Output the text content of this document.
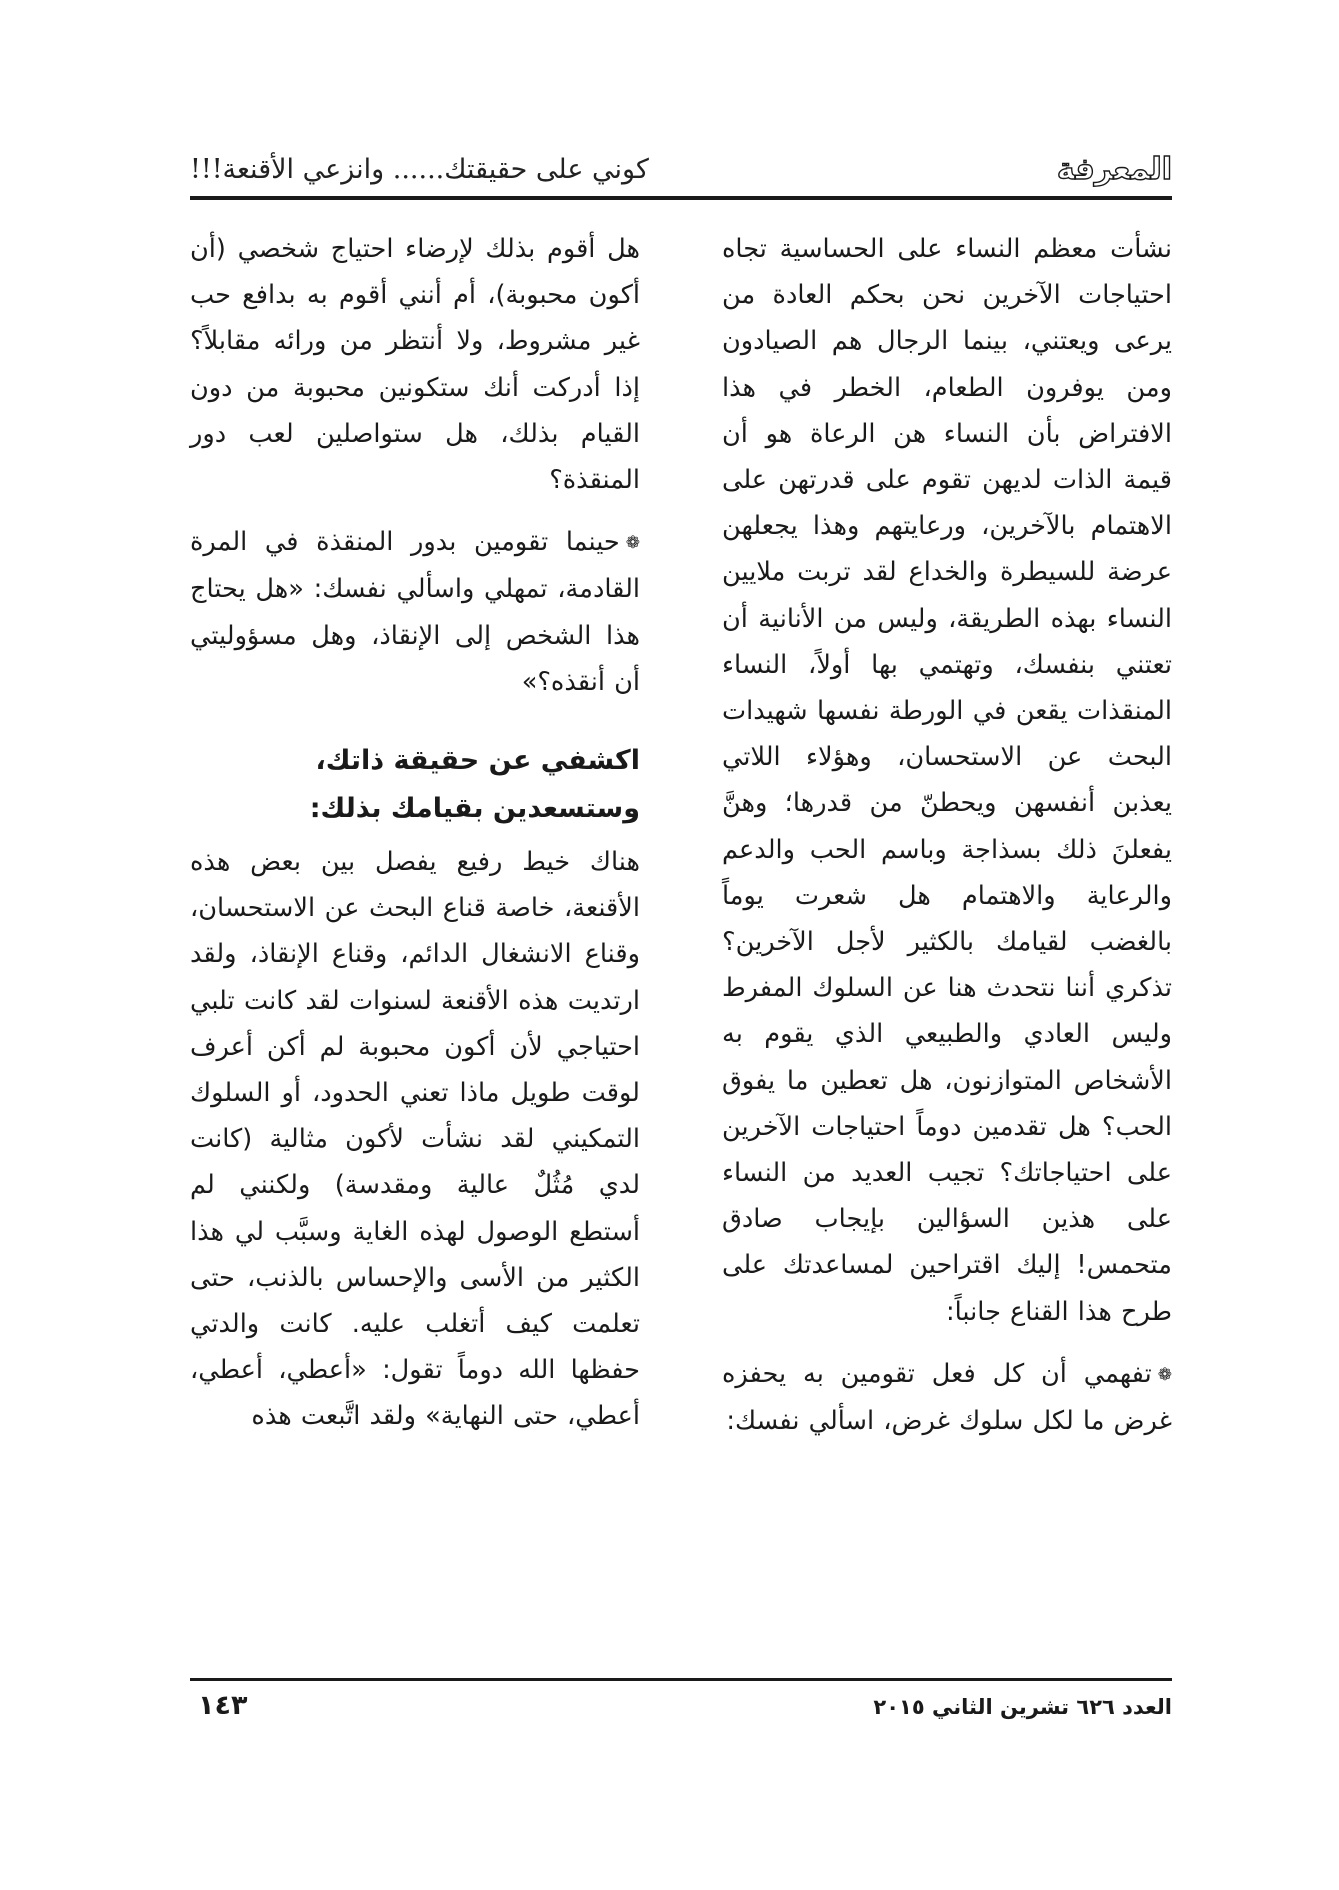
المعرفة
كوني على حقيقتك...... وانزعي الأقنعة!!!

نشأت معظم النساء على الحساسية تجاه احتياجات الآخرين نحن بحكم العادة من يرعى ويعتني، بينما الرجال هم الصيادون ومن يوفرون الطعام، الخطر في هذا الافتراض بأن النساء هن الرعاة هو أن قيمة الذات لديهن تقوم على قدرتهن على الاهتمام بالآخرين، ورعايتهم وهذا يجعلهن عرضة للسيطرة والخداع لقد تربت ملايين النساء بهذه الطريقة، وليس من الأنانية أن تعتني بنفسك، وتهتمي بها أولاً، النساء المنقذات يقعن في الورطة نفسها شهيدات البحث عن الاستحسان، وهؤلاء اللاتي يعذبن أنفسهن ويحطنّ من قدرها؛ وهنَّ يفعلنَ ذلك بسذاجة وباسم الحب والدعم والرعاية والاهتمام هل شعرت يوماً بالغضب لقيامك بالكثير لأجل الآخرين؟ تذكري أننا نتحدث هنا عن السلوك المفرط وليس العادي والطبيعي الذي يقوم به الأشخاص المتوازنون، هل تعطين ما يفوق الحب؟ هل تقدمين دوماً احتياجات الآخرين على احتياجاتك؟ تجيب العديد من النساء على هذين السؤالين بإيجاب صادق متحمس! إليك اقتراحين لمساعدتك على طرح هذا القناع جانباً:

❁تفهمي أن كل فعل تقومين به يحفزه غرض ما لكل سلوك غرض، اسألي نفسك:

هل أقوم بذلك لإرضاء احتياج شخصي (أن أكون محبوبة)، أم أنني أقوم به بدافع حب غير مشروط، ولا أنتظر من ورائه مقابلاً؟ إذا أدركت أنك ستكونين محبوبة من دون القيام بذلك، هل ستواصلين لعب دور المنقذة؟

❁حينما تقومين بدور المنقذة في المرة القادمة، تمهلي واسألي نفسك: «هل يحتاج هذا الشخص إلى الإنقاذ، وهل مسؤوليتي أن أنقذه؟»

اكشفي عن حقيقة ذاتك، وستسعدين بقيامك بذلك:

هناك خيط رفيع يفصل بين بعض هذه الأقنعة، خاصة قناع البحث عن الاستحسان، وقناع الانشغال الدائم، وقناع الإنقاذ، ولقد ارتديت هذه الأقنعة لسنوات لقد كانت تلبي احتياجي لأن أكون محبوبة لم أكن أعرف لوقت طويل ماذا تعني الحدود، أو السلوك التمكيني لقد نشأت لأكون مثالية (كانت لدي مُثُلٌ عالية ومقدسة) ولكنني لم أستطع الوصول لهذه الغاية وسبَّب لي هذا الكثير من الأسى والإحساس بالذنب، حتى تعلمت كيف أتغلب عليه. كانت والدتي حفظها الله دوماً تقول: «أعطي، أعطي، أعطي، حتى النهاية» ولقد اتَّبعت هذه

العدد ٦٢٦ تشرين الثاني ٢٠١٥
١٤٣
